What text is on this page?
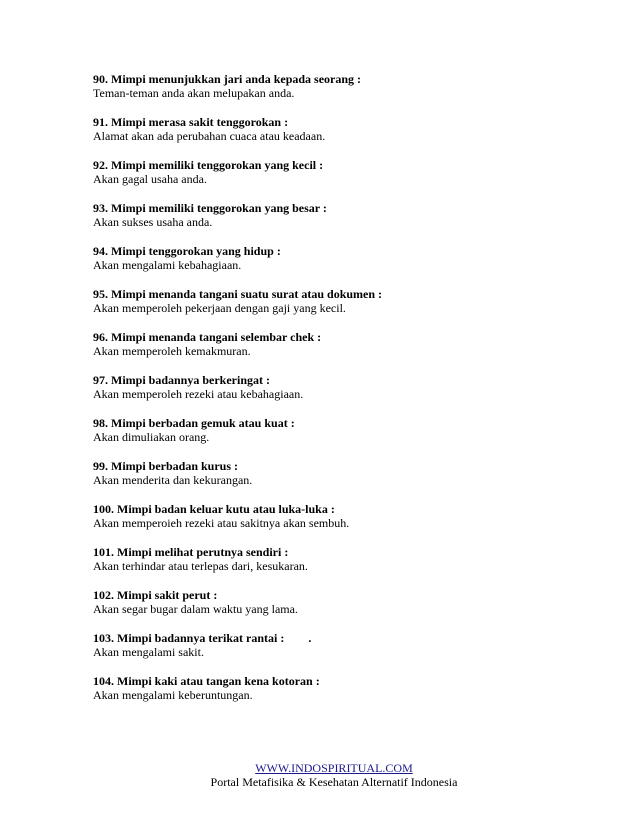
90. Mimpi menunjukkan jari anda kepada seorang :
Teman-teman anda akan melupakan anda.
91. Mimpi merasa sakit tenggorokan :
Alamat akan ada perubahan cuaca atau keadaan.
92. Mimpi memiliki tenggorokan yang kecil :
Akan gagal usaha anda.
93. Mimpi memiliki tenggorokan yang besar :
Akan sukses usaha anda.
94. Mimpi tenggorokan yang hidup :
Akan mengalami kebahagiaan.
95. Mimpi menanda tangani suatu surat atau dokumen :
Akan memperoleh pekerjaan dengan gaji yang kecil.
96. Mimpi menanda tangani selembar chek :
Akan memperoleh kemakmuran.
97. Mimpi badannya berkeringat :
Akan memperoleh rezeki atau kebahagiaan.
98. Mimpi berbadan gemuk atau kuat :
Akan dimuliakan orang.
99. Mimpi berbadan kurus :
Akan menderita dan kekurangan.
100. Mimpi badan keluar kutu atau luka-luka :
Akan memperoieh rezeki atau sakitnya akan sembuh.
101. Mimpi melihat perutnya sendiri :
Akan terhindar atau terlepas dari, kesukaran.
102. Mimpi sakit perut :
Akan segar bugar dalam waktu yang lama.
103. Mimpi badannya terikat rantai :        .
Akan mengalami sakit.
104. Mimpi kaki atau tangan kena kotoran :
Akan mengalami keberuntungan.
WWW.INDOSPIRITUAL.COM
Portal Metafisika & Kesehatan Alternatif Indonesia
